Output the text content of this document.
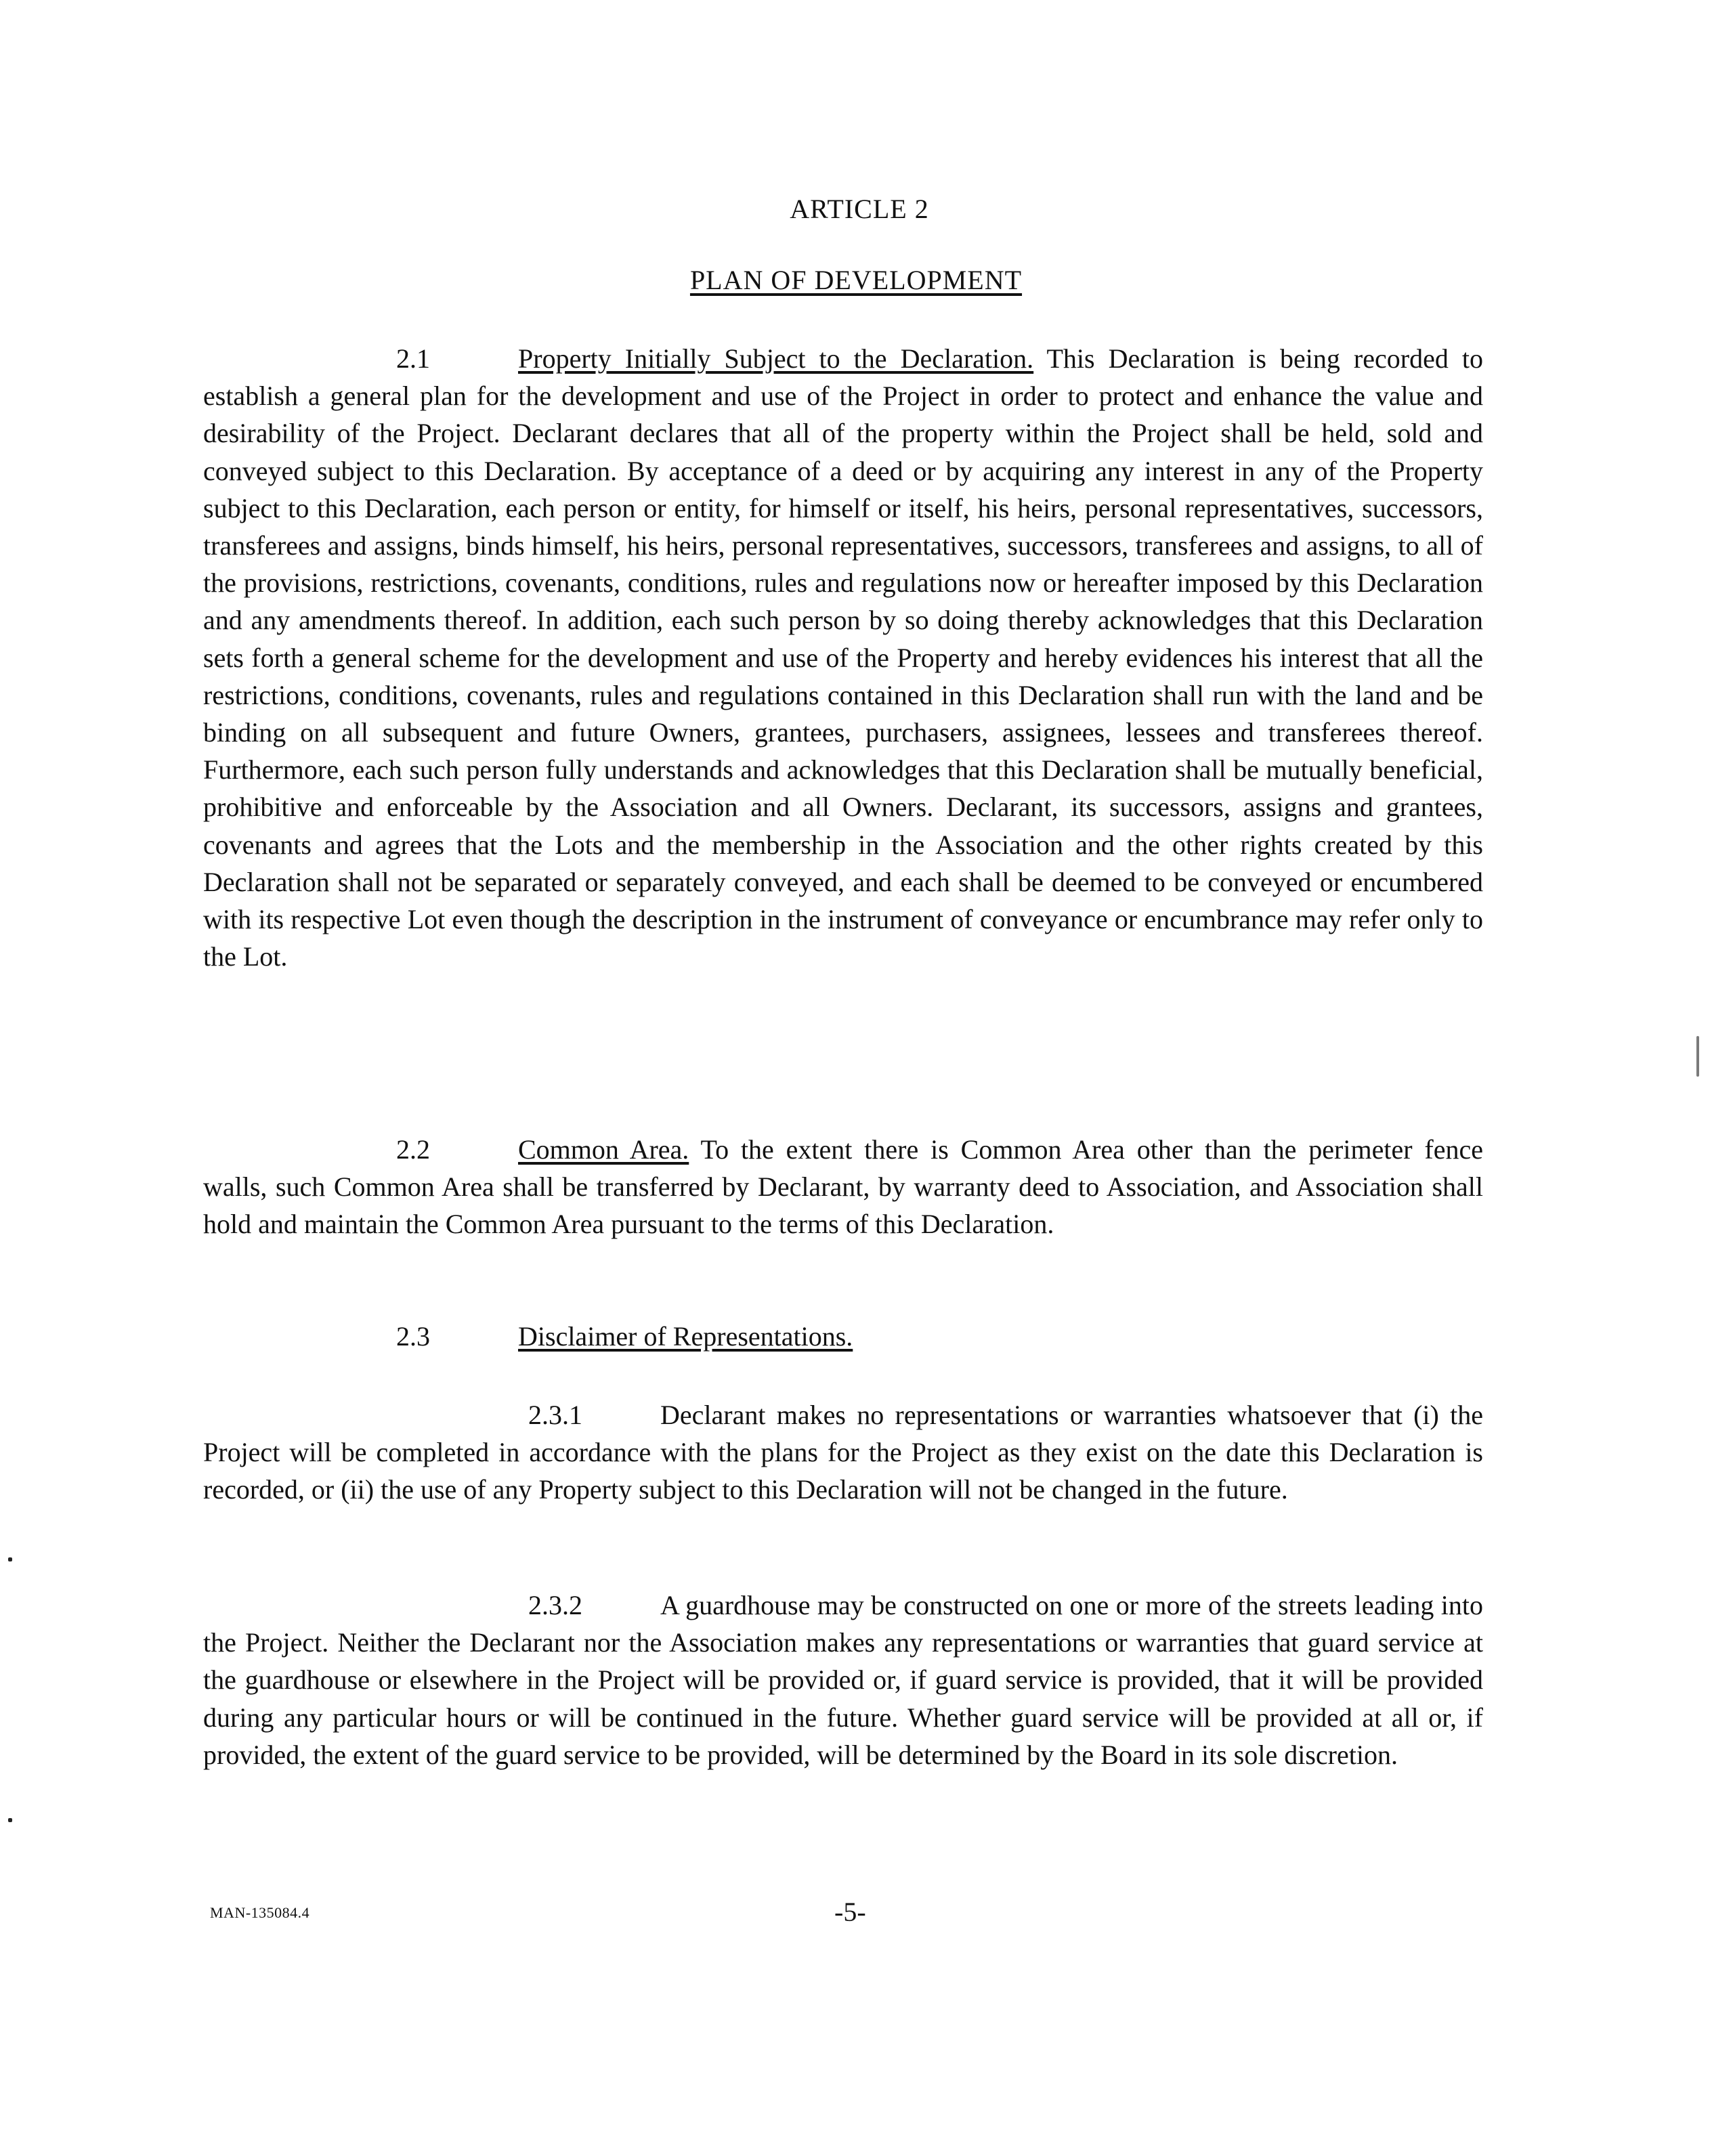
ARTICLE 2
PLAN OF DEVELOPMENT

2.1	Property Initially Subject to the Declaration. This Declaration is being recorded to establish a general plan for the development and use of the Project in order to protect and enhance the value and desirability of the Project. Declarant declares that all of the property within the Project shall be held, sold and conveyed subject to this Declaration. By acceptance of a deed or by acquiring any interest in any of the Property subject to this Declaration, each person or entity, for himself or itself, his heirs, personal representatives, successors, transferees and assigns, binds himself, his heirs, personal representatives, successors, transferees and assigns, to all of the provisions, restrictions, covenants, conditions, rules and regulations now or hereafter imposed by this Declaration and any amendments thereof. In addition, each such person by so doing thereby acknowledges that this Declaration sets forth a general scheme for the development and use of the Property and hereby evidences his interest that all the restrictions, conditions, covenants, rules and regulations contained in this Declaration shall run with the land and be binding on all subsequent and future Owners, grantees, purchasers, assignees, lessees and transferees thereof. Furthermore, each such person fully understands and acknowledges that this Declaration shall be mutually beneficial, prohibitive and enforceable by the Association and all Owners. Declarant, its successors, assigns and grantees, covenants and agrees that the Lots and the membership in the Association and the other rights created by this Declaration shall not be separated or separately conveyed, and each shall be deemed to be conveyed or encumbered with its respective Lot even though the description in the instrument of conveyance or encumbrance may refer only to the Lot.

2.2	Common Area. To the extent there is Common Area other than the perimeter fence walls, such Common Area shall be transferred by Declarant, by warranty deed to Association, and Association shall hold and maintain the Common Area pursuant to the terms of this Declaration.

2.3	Disclaimer of Representations.

2.3.1	Declarant makes no representations or warranties whatsoever that (i) the Project will be completed in accordance with the plans for the Project as they exist on the date this Declaration is recorded, or (ii) the use of any Property subject to this Declaration will not be changed in the future.

2.3.2	A guardhouse may be constructed on one or more of the streets leading into the Project. Neither the Declarant nor the Association makes any representations or warranties that guard service at the guardhouse or elsewhere in the Project will be provided or, if guard service is provided, that it will be provided during any particular hours or will be continued in the future. Whether guard service will be provided at all or, if provided, the extent of the guard service to be provided, will be determined by the Board in its sole discretion.

MAN-135084.4	-5-
